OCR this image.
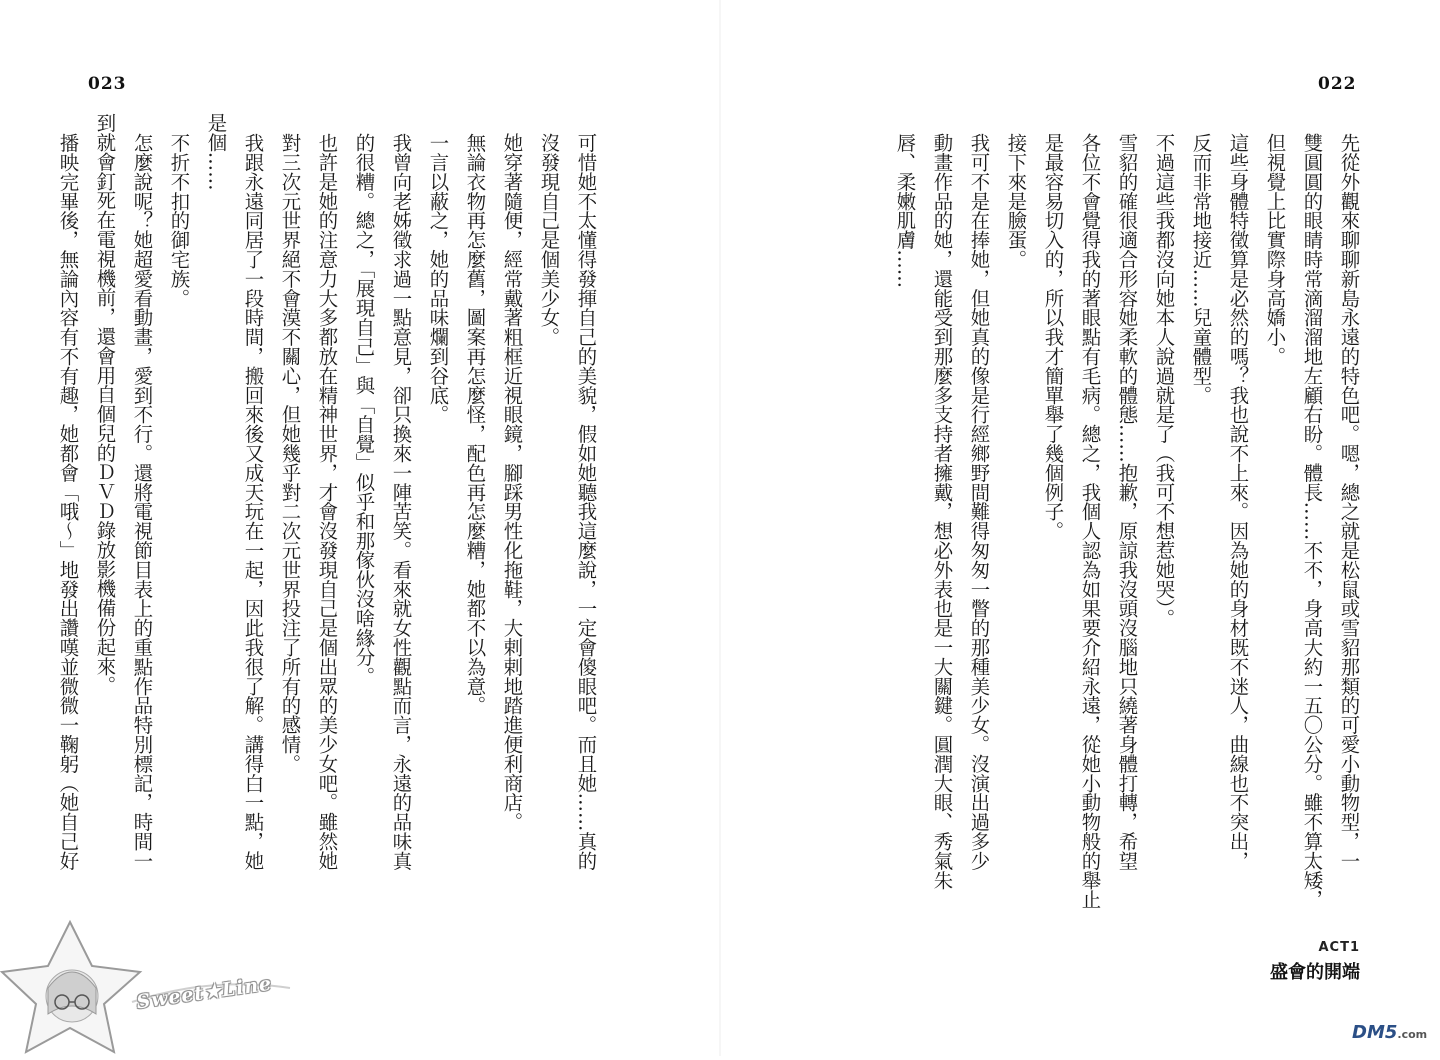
023
可惜她不太懂得發揮自己的美貌，假如她聽我這麼說，一定會傻眼吧。而且她……真的
沒發現自己是個美少女。
她穿著隨便，經常戴著粗框近視眼鏡，腳踩男性化拖鞋，大剌剌地踏進便利商店。
無論衣物再怎麼舊，圖案再怎麼怪，配色再怎麼糟，她都不以為意。
一言以蔽之，她的品味爛到谷底。
我曾向老姊徵求過一點意見，卻只換來一陣苦笑。看來就女性觀點而言，永遠的品味真
的很糟。總之，「展現自己」與「自覺」似乎和那傢伙沒啥緣分。
也許是她的注意力大多都放在精神世界，才會沒發現自己是個出眾的美少女吧。雖然她
對三次元世界絕不會漠不關心，但她幾乎對二次元世界投注了所有的感情。
我跟永遠同居了一段時間，搬回來後又成天玩在一起，因此我很了解。講得白一點，她
是個……
不折不扣的御宅族。
怎麼說呢？她超愛看動畫，愛到不行。還將電視節目表上的重點作品特別標記，時間一
到就會釘死在電視機前，還會用自個兒的ＤＶＤ錄放影機備份起來。
播映完畢後，無論內容有不有趣，她都會「哦～」地發出讚嘆並微微一鞠躬（她自己好
Sweet★Line
022
先從外觀來聊聊新島永遠的特色吧。嗯，總之就是松鼠或雪貂那類的可愛小動物型，一
雙圓圓的眼睛時常滴溜溜地左顧右盼。體長……不不，身高大約一五〇公分。雖不算太矮，
但視覺上比實際身高嬌小。
這些身體特徵算是必然的嗎？我也說不上來。因為她的身材既不迷人，曲線也不突出，
反而非常地接近……兒童體型。
不過這些我都沒向她本人說過就是了（我可不想惹她哭）。
雪貂的確很適合形容她柔軟的體態……抱歉，原諒我沒頭沒腦地只繞著身體打轉，希望
各位不會覺得我的著眼點有毛病。總之，我個人認為如果要介紹永遠，從她小動物般的舉止
是最容易切入的，所以我才簡單舉了幾個例子。
接下來是臉蛋。
我可不是在捧她，但她真的像是行經鄉野間難得匆匆一瞥的那種美少女。沒演出過多少
動畫作品的她，還能受到那麼多支持者擁戴，想必外表也是一大關鍵。圓潤大眼、秀氣朱
唇、柔嫩肌膚……
ACT1
盛會的開端
DM5.com
